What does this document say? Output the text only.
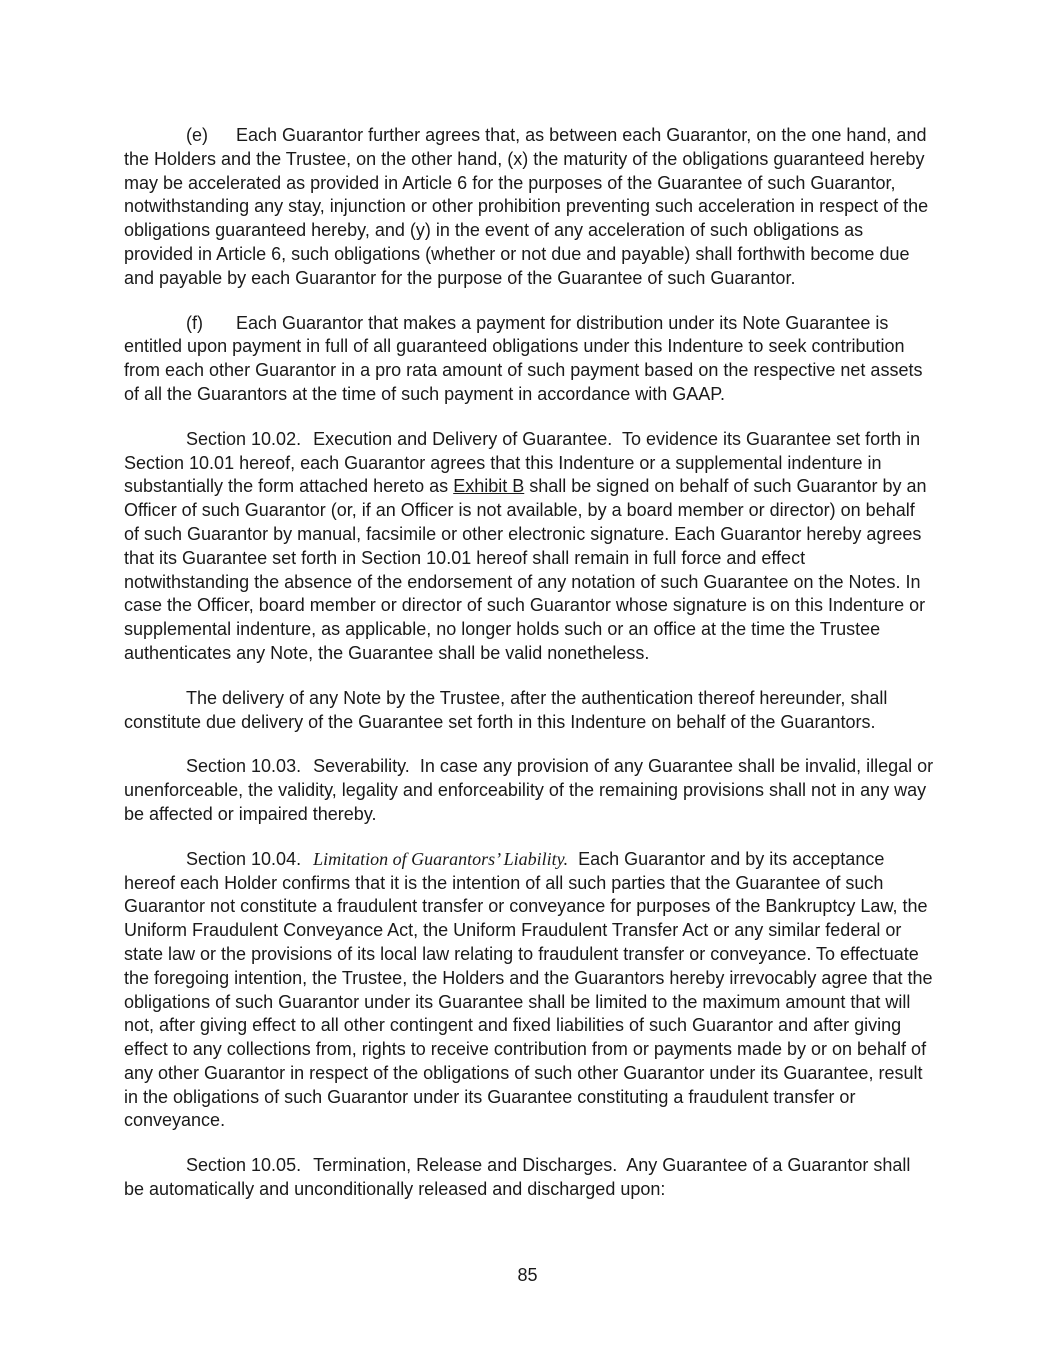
(e) Each Guarantor further agrees that, as between each Guarantor, on the one hand, and the Holders and the Trustee, on the other hand, (x) the maturity of the obligations guaranteed hereby may be accelerated as provided in Article 6 for the purposes of the Guarantee of such Guarantor, notwithstanding any stay, injunction or other prohibition preventing such acceleration in respect of the obligations guaranteed hereby, and (y) in the event of any acceleration of such obligations as provided in Article 6, such obligations (whether or not due and payable) shall forthwith become due and payable by each Guarantor for the purpose of the Guarantee of such Guarantor.

(f) Each Guarantor that makes a payment for distribution under its Note Guarantee is entitled upon payment in full of all guaranteed obligations under this Indenture to seek contribution from each other Guarantor in a pro rata amount of such payment based on the respective net assets of all the Guarantors at the time of such payment in accordance with GAAP.

Section 10.02. Execution and Delivery of Guarantee. To evidence its Guarantee set forth in Section 10.01 hereof, each Guarantor agrees that this Indenture or a supplemental indenture in substantially the form attached hereto as Exhibit B shall be signed on behalf of such Guarantor by an Officer of such Guarantor (or, if an Officer is not available, by a board member or director) on behalf of such Guarantor by manual, facsimile or other electronic signature. Each Guarantor hereby agrees that its Guarantee set forth in Section 10.01 hereof shall remain in full force and effect notwithstanding the absence of the endorsement of any notation of such Guarantee on the Notes. In case the Officer, board member or director of such Guarantor whose signature is on this Indenture or supplemental indenture, as applicable, no longer holds such or an office at the time the Trustee authenticates any Note, the Guarantee shall be valid nonetheless.

The delivery of any Note by the Trustee, after the authentication thereof hereunder, shall constitute due delivery of the Guarantee set forth in this Indenture on behalf of the Guarantors.

Section 10.03. Severability. In case any provision of any Guarantee shall be invalid, illegal or unenforceable, the validity, legality and enforceability of the remaining provisions shall not in any way be affected or impaired thereby.

Section 10.04. Limitation of Guarantors’ Liability. Each Guarantor and by its acceptance hereof each Holder confirms that it is the intention of all such parties that the Guarantee of such Guarantor not constitute a fraudulent transfer or conveyance for purposes of the Bankruptcy Law, the Uniform Fraudulent Conveyance Act, the Uniform Fraudulent Transfer Act or any similar federal or state law or the provisions of its local law relating to fraudulent transfer or conveyance. To effectuate the foregoing intention, the Trustee, the Holders and the Guarantors hereby irrevocably agree that the obligations of such Guarantor under its Guarantee shall be limited to the maximum amount that will not, after giving effect to all other contingent and fixed liabilities of such Guarantor and after giving effect to any collections from, rights to receive contribution from or payments made by or on behalf of any other Guarantor in respect of the obligations of such other Guarantor under its Guarantee, result in the obligations of such Guarantor under its Guarantee constituting a fraudulent transfer or conveyance.

Section 10.05. Termination, Release and Discharges. Any Guarantee of a Guarantor shall be automatically and unconditionally released and discharged upon:

85
